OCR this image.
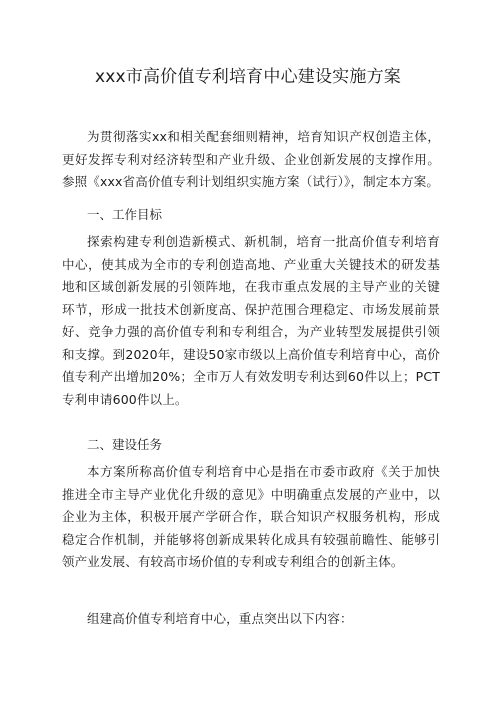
xxx市高价值专利培育中心建设实施方案
为贯彻落实xx和相关配套细则精神，培育知识产权创造主体，更好发挥专利对经济转型和产业升级、企业创新发展的支撑作用。参照《xxx省高价值专利计划组织实施方案（试行）》，制定本方案。
一、工作目标
探索构建专利创造新模式、新机制，培育一批高价值专利培育中心，使其成为全市的专利创造高地、产业重大关键技术的研发基地和区域创新发展的引领阵地，在我市重点发展的主导产业的关键环节，形成一批技术创新度高、保护范围合理稳定、市场发展前景好、竞争力强的高价值专利和专利组合，为产业转型发展提供引领和支撑。到2020年，建设50家市级以上高价值专利培育中心，高价值专利产出增加20%；全市万人有效发明专利达到60件以上；PCT专利申请600件以上。
二、建设任务
本方案所称高价值专利培育中心是指在市委市政府《关于加快推进全市主导产业优化升级的意见》中明确重点发展的产业中，以企业为主体，积极开展产学研合作，联合知识产权服务机构，形成稳定合作机制，并能够将创新成果转化成具有较强前瞻性、能够引领产业发展、有较高市场价值的专利或专利组合的创新主体。
组建高价值专利培育中心，重点突出以下内容：
